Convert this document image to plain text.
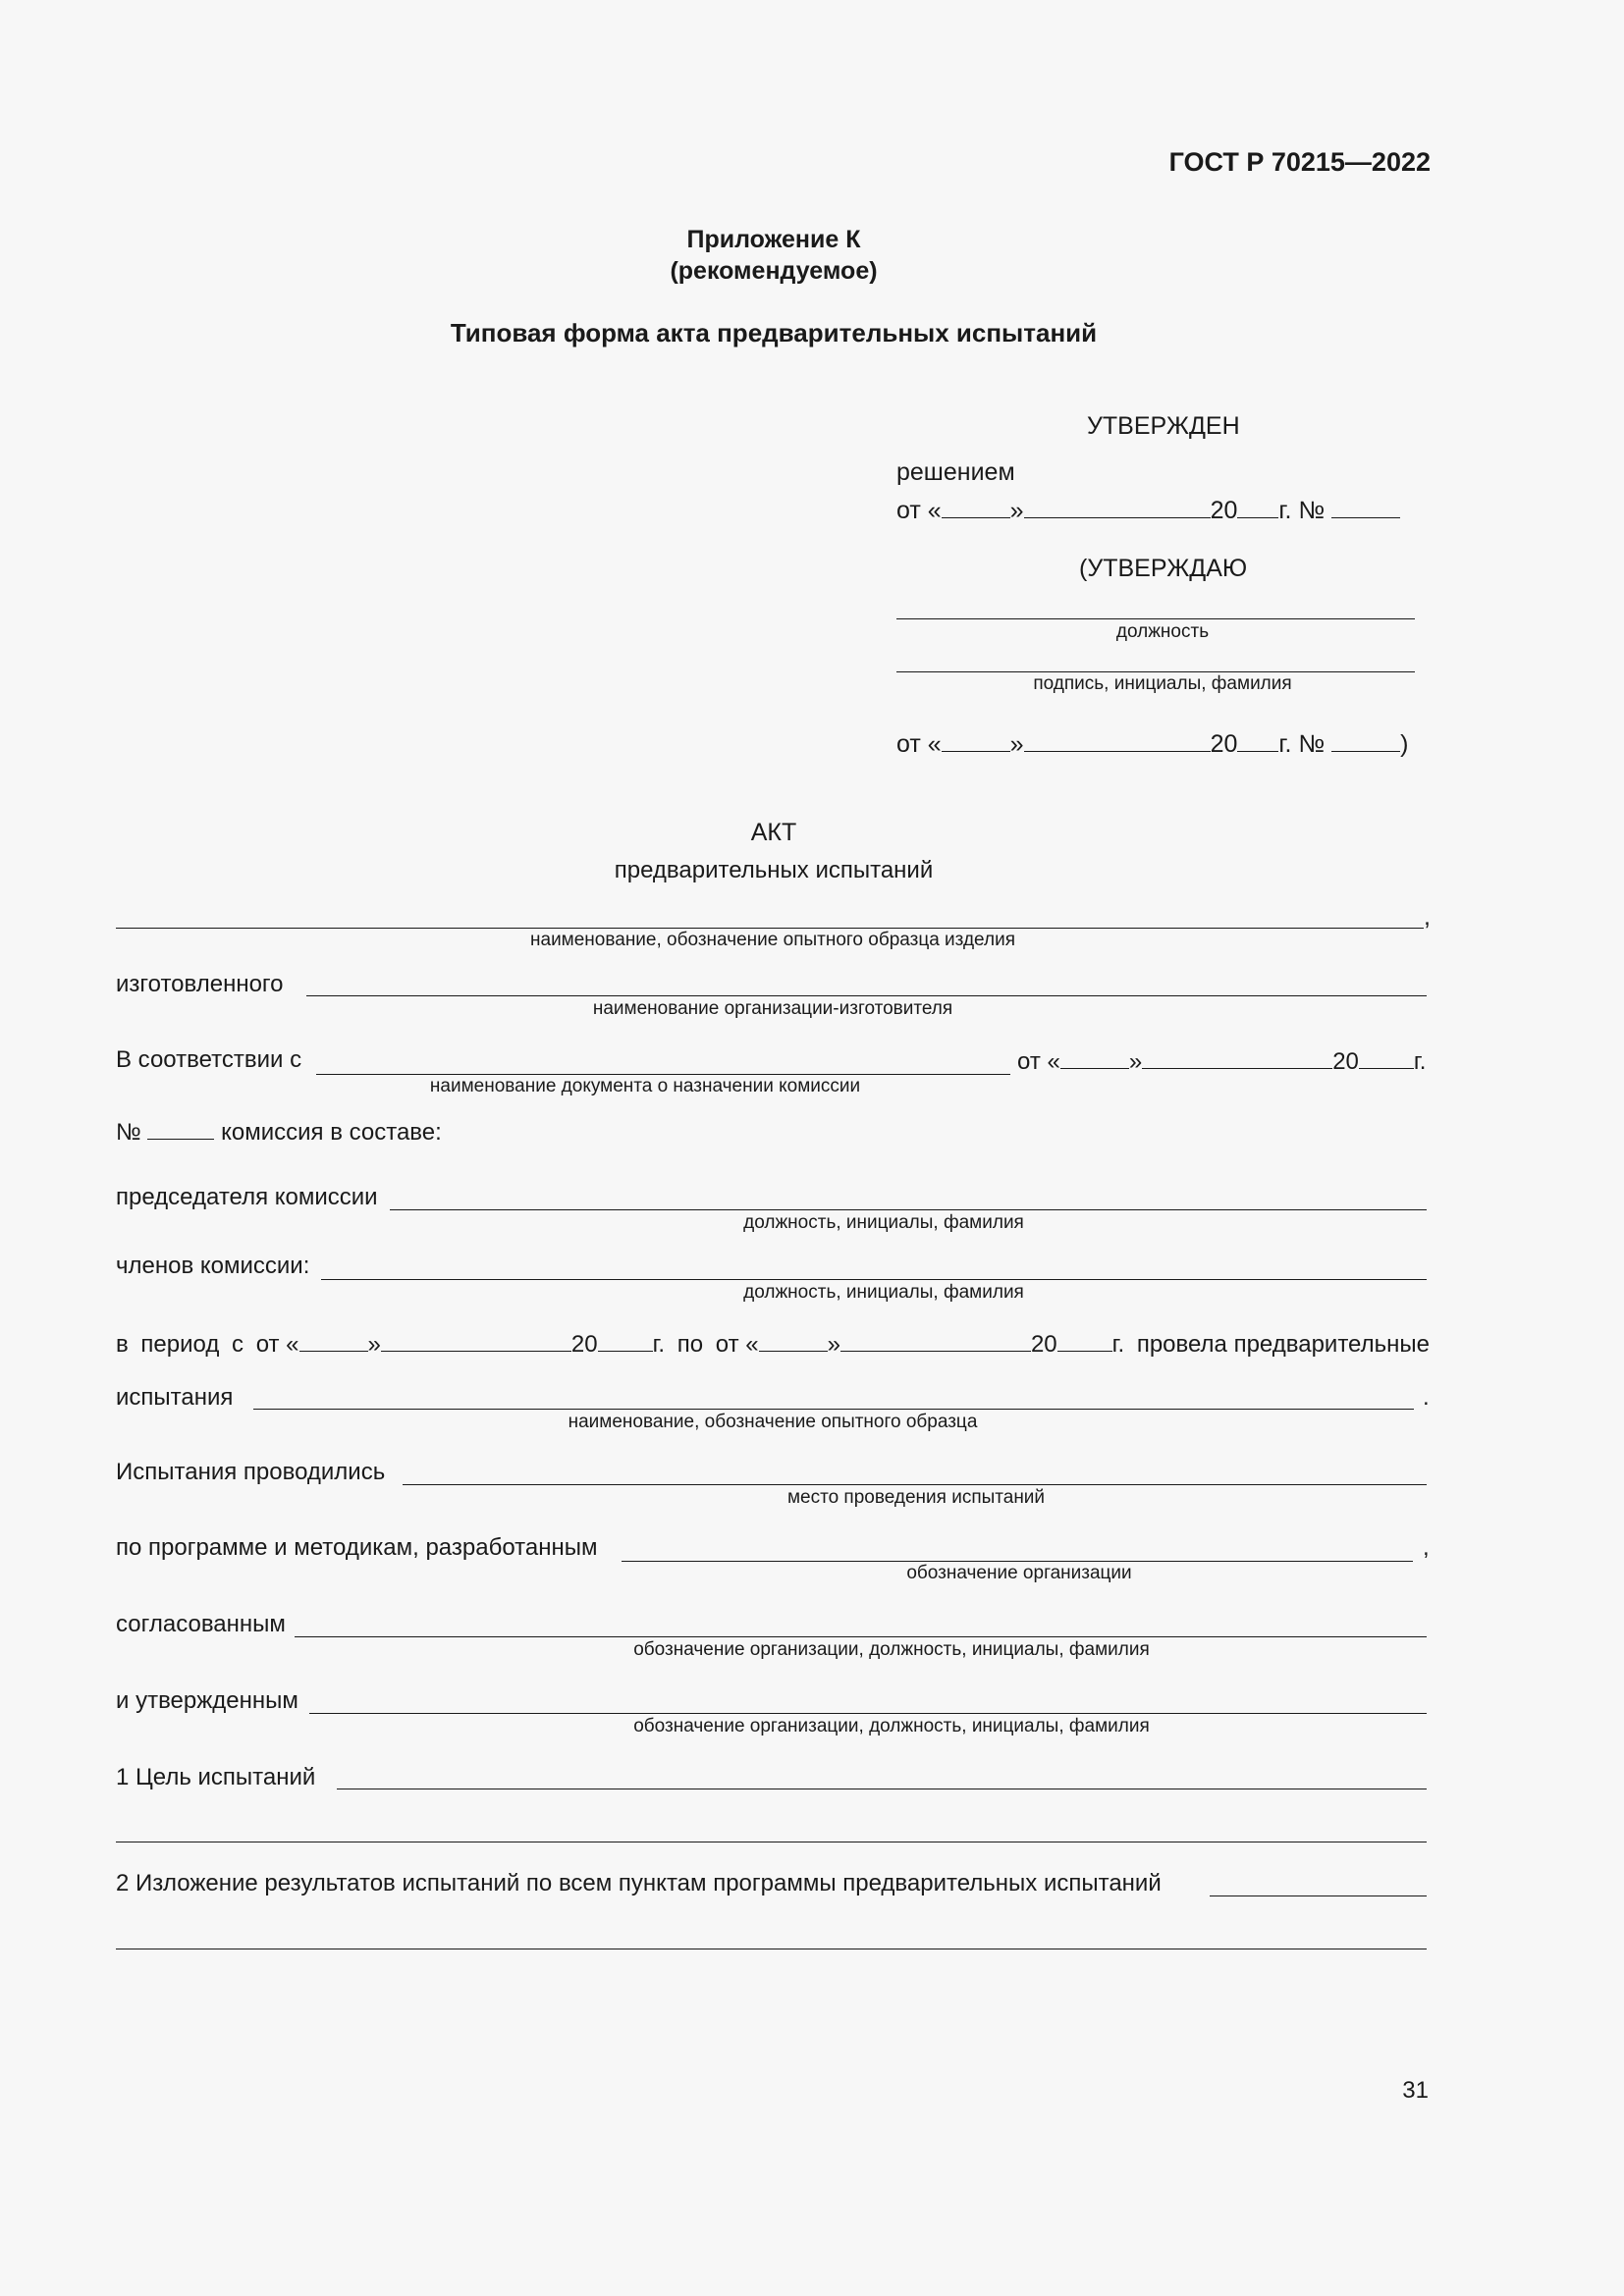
ГОСТ Р 70215—2022
Приложение К
(рекомендуемое)
Типовая форма акта предварительных испытаний
УТВЕРЖДЕН
решением
от «	»	20 г. №
(УТВЕРЖДАЮ
должность
подпись, инициалы, фамилия
от «	»	20 г. №	)
АКТ
предварительных испытаний
,
наименование, обозначение опытного образца изделия
изготовленного
наименование организации-изготовителя
В соответствии с	от «	»	20 г.
наименование документа о назначении комиссии
№	комиссия в составе:
председателя комиссии
должность, инициалы, фамилия
членов комиссии:
должность, инициалы, фамилия
в период с от «	»	20 г. по от «	»	20 г. провела предварительные
испытания	.
наименование, обозначение опытного образца
Испытания проводились
место проведения испытаний
по программе и методикам, разработанным	,
обозначение организации
согласованным
обозначение организации, должность, инициалы, фамилия
и утвержденным
обозначение организации, должность, инициалы, фамилия
1 Цель испытаний
2 Изложение результатов испытаний по всем пунктам программы предварительных испытаний
31
